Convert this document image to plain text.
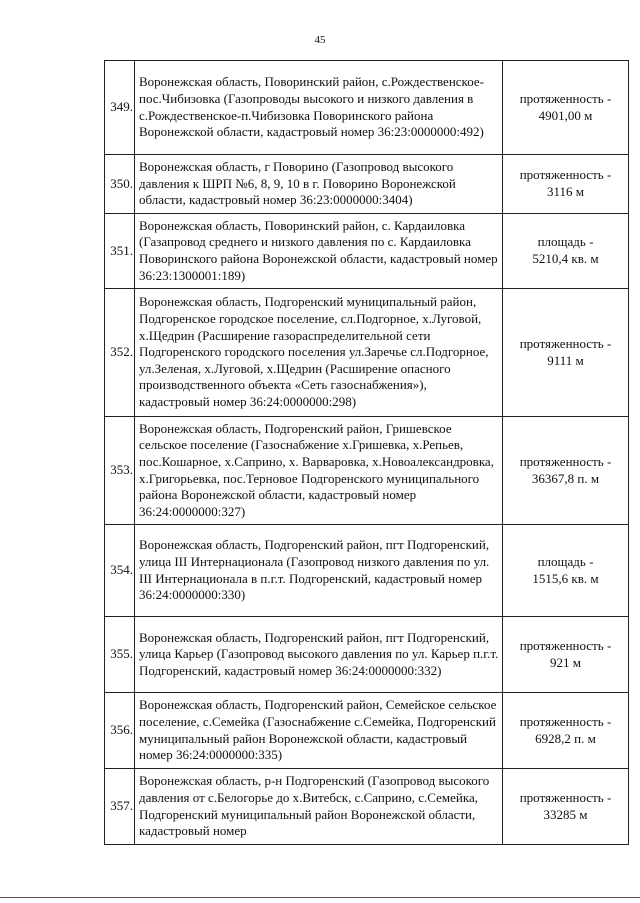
45
349.	Воронежская область, Поворинский район, с.Рождественское-пос.Чибизовка (Газопроводы высокого и низкого давления в с.Рождественское-п.Чибизовка Поворинского района Воронежской области, кадастровый номер 36:23:0000000:492)	протяженность -
4901,00 м

350.	Воронежская область, г Поворино (Газопровод высокого давления к ШРП №6, 8, 9, 10 в г. Поворино Воронежской области, кадастровый номер 36:23:0000000:3404)	протяженность -
3116 м

351.	Воронежская область, Поворинский район, с. Кардаиловка (Газапровод среднего и низкого давления по с. Кардаиловка Поворинского района Воронежской области, кадастровый номер 36:23:1300001:189)	площадь -
5210,4 кв. м

352.	Воронежская область, Подгоренский муниципальный район, Подгоренское городское поселение, сл.Подгорное, х.Луговой, х.Щедрин (Расширение газораспределительной сети Подгоренского городского поселения ул.Заречье сл.Подгорное, ул.Зеленая, х.Луговой, х.Щедрин (Расширение опасного производственного объекта «Сеть газоснабжения»), кадастровый номер 36:24:0000000:298)	протяженность -
9111 м

353.	Воронежская область, Подгоренский район, Гришевское сельское поселение (Газоснабжение х.Гришевка, х.Репьев, пос.Кошарное, х.Саприно, х. Варваровка, х.Новоалександровка, х.Григорьевка, пос.Терновое Подгоренского муниципального района Воронежской области, кадастровый номер 36:24:0000000:327)	протяженность -
36367,8 п. м

354.	Воронежская область, Подгоренский район, пгт Подгоренский, улица III Интернационала (Газопровод низкого давления по ул. III Интернационала в п.г.т. Подгоренский, кадастровый номер 36:24:0000000:330)	площадь -
1515,6 кв. м

355.	Воронежская область, Подгоренский район, пгт Подгоренский, улица Карьер (Газопровод высокого давления по ул. Карьер п.г.т. Подгоренский, кадастровый номер 36:24:0000000:332)	протяженность -
921 м

356.	Воронежская область, Подгоренский район, Семейское сельское поселение, с.Семейка (Газоснабжение с.Семейка, Подгоренский муниципальный район Воронежской области, кадастровый номер 36:24:0000000:335)	протяженность -
6928,2 п. м

357.	Воронежская область, р-н Подгоренский (Газопровод высокого давления от с.Белогорье до х.Витебск, с.Саприно, с.Семейка, Подгоренский муниципальный район Воронежской области, кадастровый номер	протяженность -
33285 м
